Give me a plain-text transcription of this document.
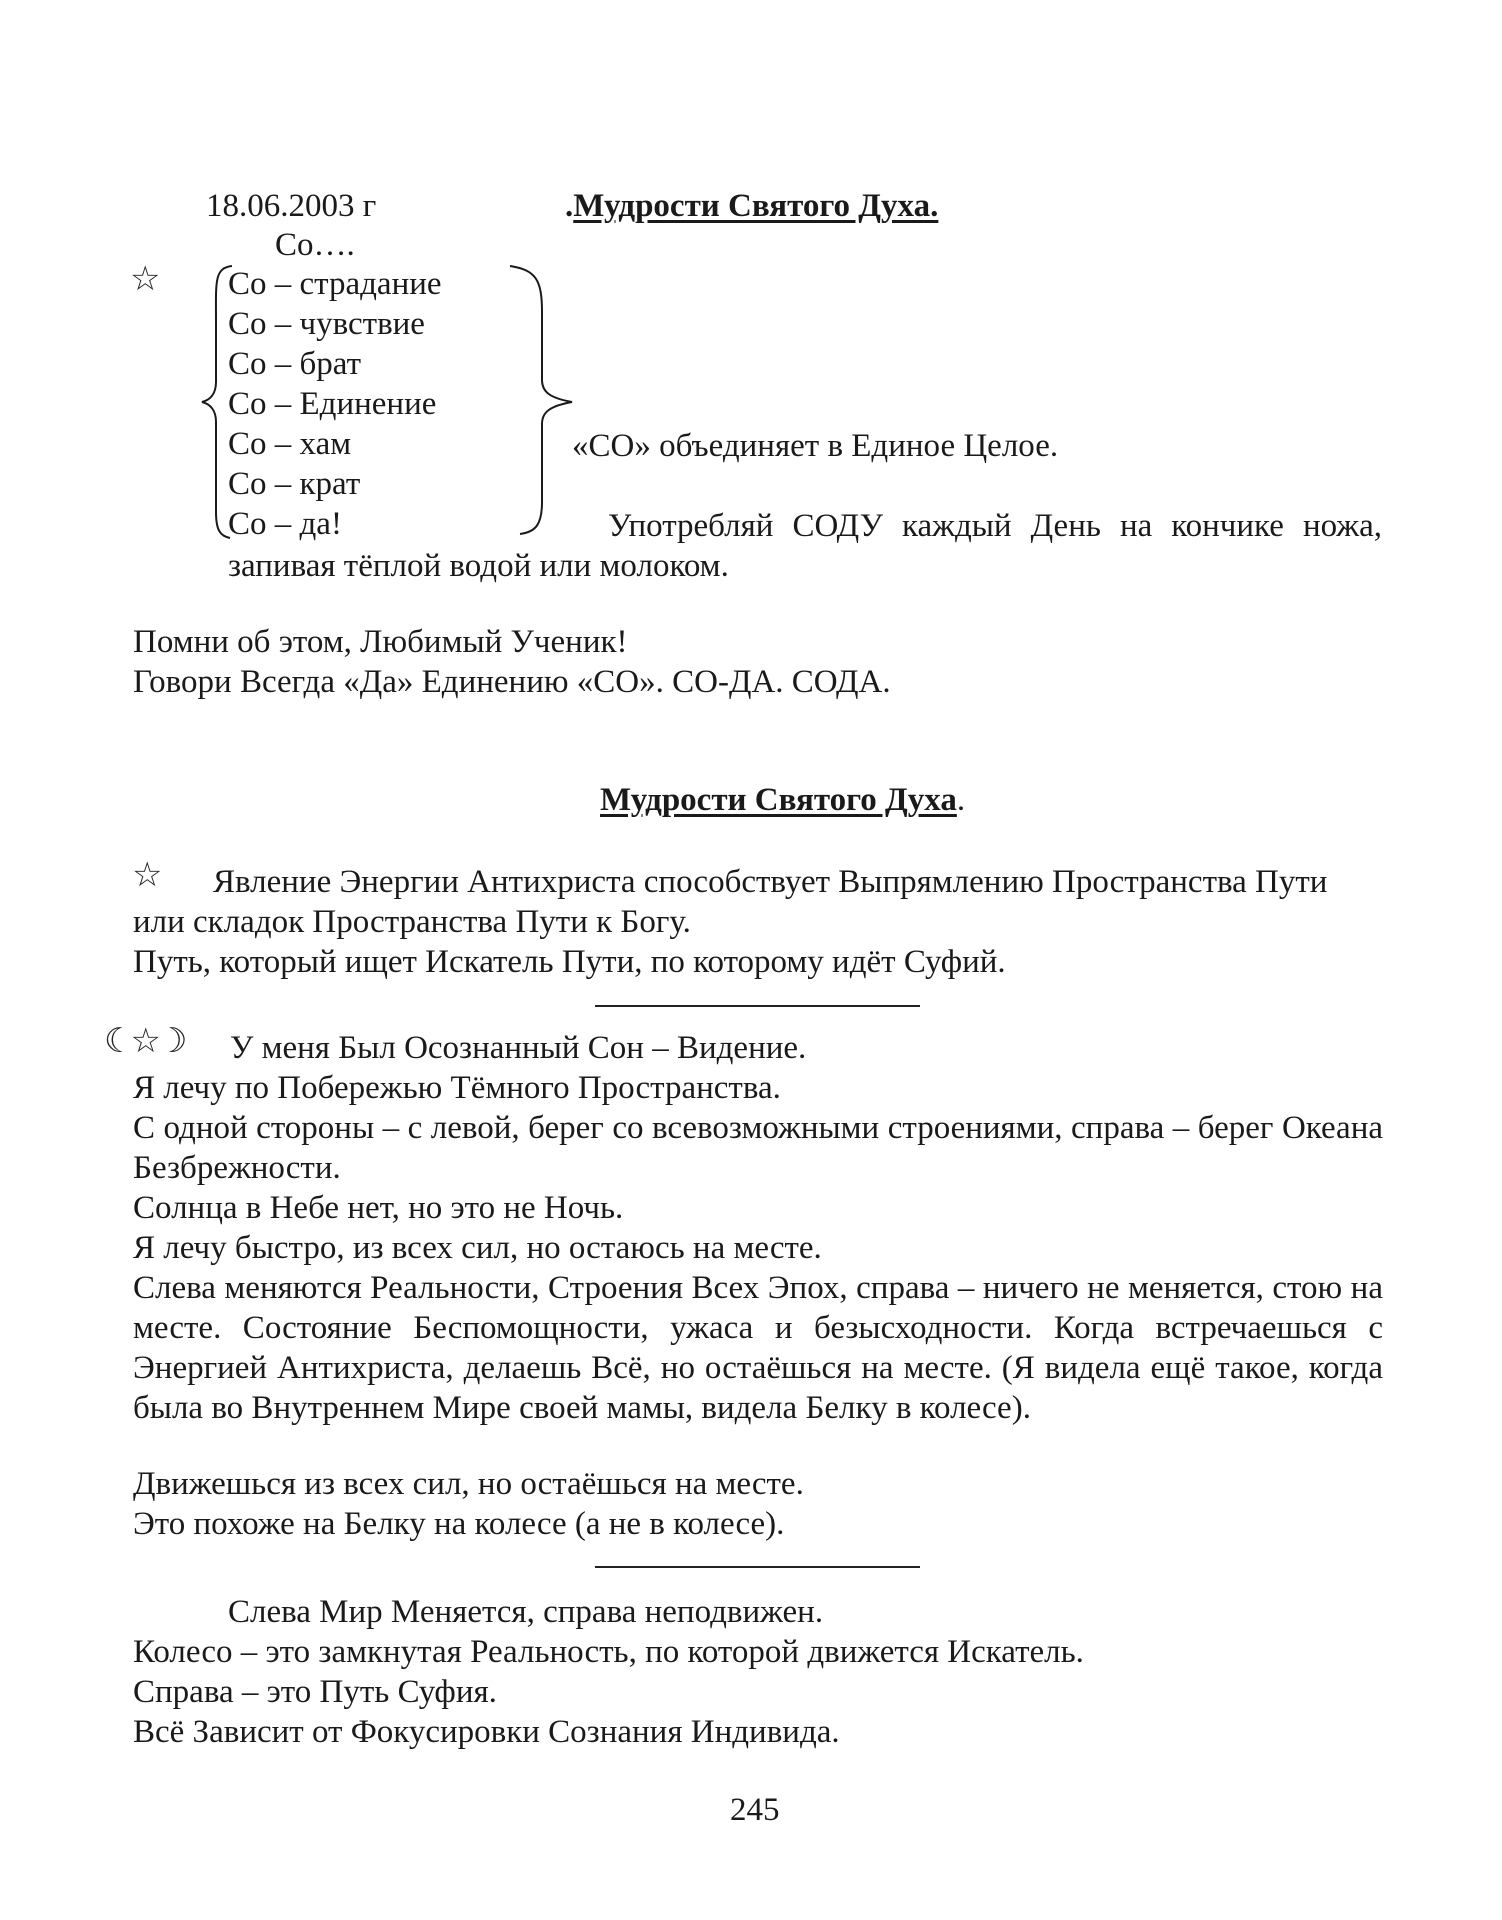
18.06.2003 г	.Мудрости Святого Духа.
Со….
☆ Со – страдание
Со – чувствие
Со – брат
Со – Единение
Со – хам
Со – крат
Со – да!
«СО» объединяет в Единое Целое.
Употребляй СОДУ каждый День на кончике ножа,
запивая тёплой водой или молоком.
Помни об этом, Любимый Ученик!
Говори Всегда «Да» Единению «СО». СО-ДА. СОДА.
Мудрости Святого Духа.
☆ Явление Энергии Антихриста способствует Выпрямлению Пространства Пути
или складок Пространства Пути к Богу.
Путь, который ищет Искатель Пути, по которому идёт Суфий.
☾☆☽ У меня Был Осознанный Сон – Видение.
Я лечу по Побережью Тёмного Пространства.
С одной стороны – с левой, берег со всевозможными строениями, справа – берег Океана Безбрежности.
Солнца в Небе нет, но это не Ночь.
Я лечу быстро, из всех сил, но остаюсь на месте.
Слева меняются Реальности, Строения Всех Эпох, справа – ничего не меняется, стою на месте. Состояние Беспомощности, ужаса и безысходности. Когда встречаешься с Энергией Антихриста, делаешь Всё, но остаёшься на месте. (Я видела ещё такое, когда была во Внутреннем Мире своей мамы, видела Белку в колесе).
Движешься из всех сил, но остаёшься на месте.
Это похоже на Белку на колесе (а не в колесе).
Слева Мир Меняется, справа неподвижен.
Колесо – это замкнутая Реальность, по которой движется Искатель.
Справа – это Путь Суфия.
Всё Зависит от Фокусировки Сознания Индивида.
245
